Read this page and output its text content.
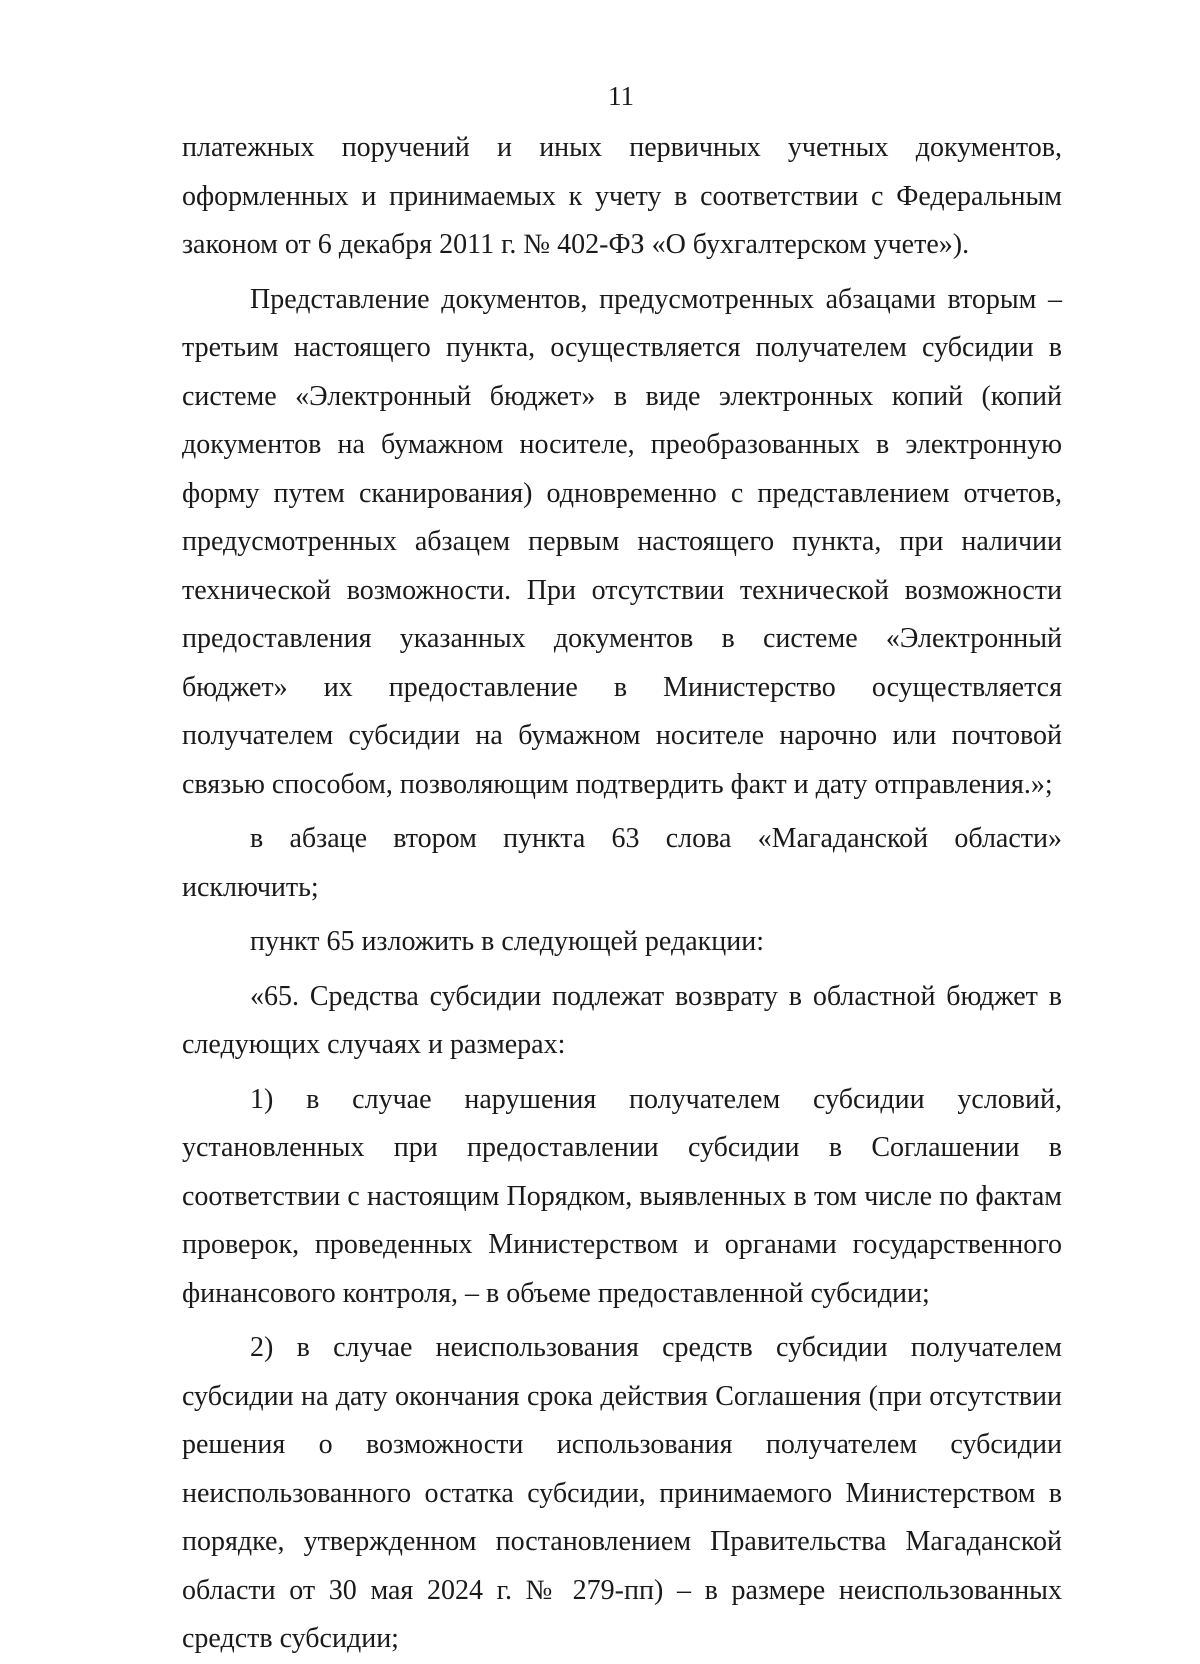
11

платежных поручений и иных первичных учетных документов, оформленных и принимаемых к учету в соответствии с Федеральным законом от 6 декабря 2011 г. № 402-ФЗ «О бухгалтерском учете»).

Представление документов, предусмотренных абзацами вторым – третьим настоящего пункта, осуществляется получателем субсидии в системе «Электронный бюджет» в виде электронных копий (копий документов на бумажном носителе, преобразованных в электронную форму путем сканирования) одновременно с представлением отчетов, предусмотренных абзацем первым настоящего пункта, при наличии технической возможности. При отсутствии технической возможности предоставления указанных документов в системе «Электронный бюджет» их предоставление в Министерство осуществляется получателем субсидии на бумажном носителе нарочно или почтовой связью способом, позволяющим подтвердить факт и дату отправления.»;

в абзаце втором пункта 63 слова «Магаданской области» исключить;

пункт 65 изложить в следующей редакции:

«65. Средства субсидии подлежат возврату в областной бюджет в следующих случаях и размерах:

1) в случае нарушения получателем субсидии условий, установленных при предоставлении субсидии в Соглашении в соответствии с настоящим Порядком, выявленных в том числе по фактам проверок, проведенных Министерством и органами государственного финансового контроля, – в объеме предоставленной субсидии;

2) в случае неиспользования средств субсидии получателем субсидии на дату окончания срока действия Соглашения (при отсутствии решения о возможности использования получателем субсидии неиспользованного остатка субсидии, принимаемого Министерством в порядке, утвержденном постановлением Правительства Магаданской области от 30 мая 2024 г. № 279-пп) – в размере неиспользованных средств субсидии;
